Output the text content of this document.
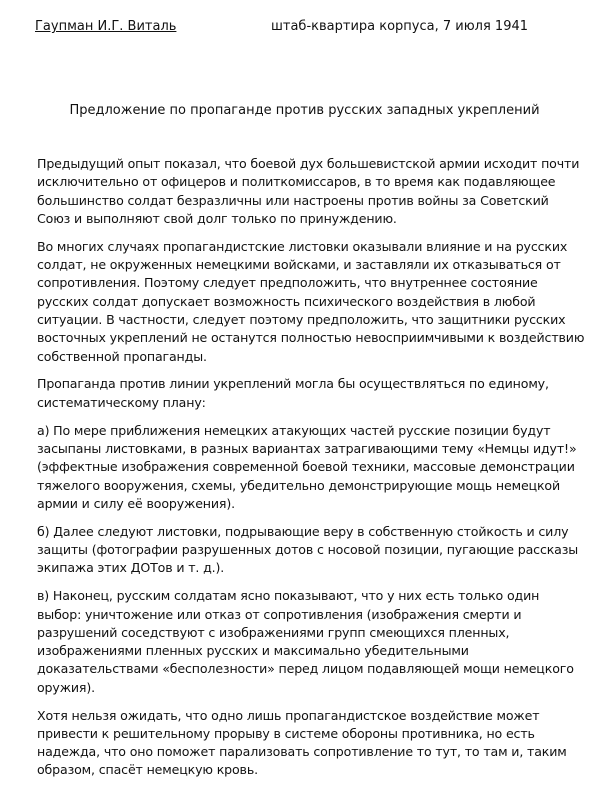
Гаупман И.Г. Виталь	штаб-квартира корпуса, 7 июля 1941
Предложение по пропаганде против русских западных укреплений

Предыдущий опыт показал, что боевой дух большевистской армии исходит почти исключительно от офицеров и политкомиссаров, в то время как подавляющее большинство солдат безразличны или настроены против войны за Советский Союз и выполняют свой долг только по принуждению.

Во многих случаях пропагандистские листовки оказывали влияние и на русских солдат, не окруженных немецкими войсками, и заставляли их отказываться от сопротивления. Поэтому следует предположить, что внутреннее состояние русских солдат допускает возможность психического воздействия в любой ситуации. В частности, следует поэтому предположить, что защитники русских восточных укреплений не останутся полностью невосприимчивыми к воздействию собственной пропаганды.

Пропаганда против линии укреплений могла бы осуществляться по единому, систематическому плану:

а) По мере приближения немецких атакующих частей русские позиции будут засыпаны листовками, в разных вариантах затрагивающими тему «Немцы идут!» (эффектные изображения современной боевой техники, массовые демонстрации тяжелого вооружения, схемы, убедительно демонстрирующие мощь немецкой армии и силу её вооружения).

б) Далее следуют листовки, подрывающие веру в собственную стойкость и силу защиты (фотографии разрушенных дотов с носовой позиции, пугающие рассказы экипажа этих ДОТов и т. д.).

в) Наконец, русским солдатам ясно показывают, что у них есть только один выбор: уничтожение или отказ от сопротивления (изображения смерти и разрушений соседствуют с изображениями групп смеющихся пленных, изображениями пленных русских и максимально убедительными доказательствами «бесполезности» перед лицом подавляющей мощи немецкого оружия).

Хотя нельзя ожидать, что одно лишь пропагандистское воздействие может привести к решительному прорыву в системе обороны противника, но есть надежда, что оно поможет парализовать сопротивление то тут, то там и, таким образом, спасёт немецкую кровь.
